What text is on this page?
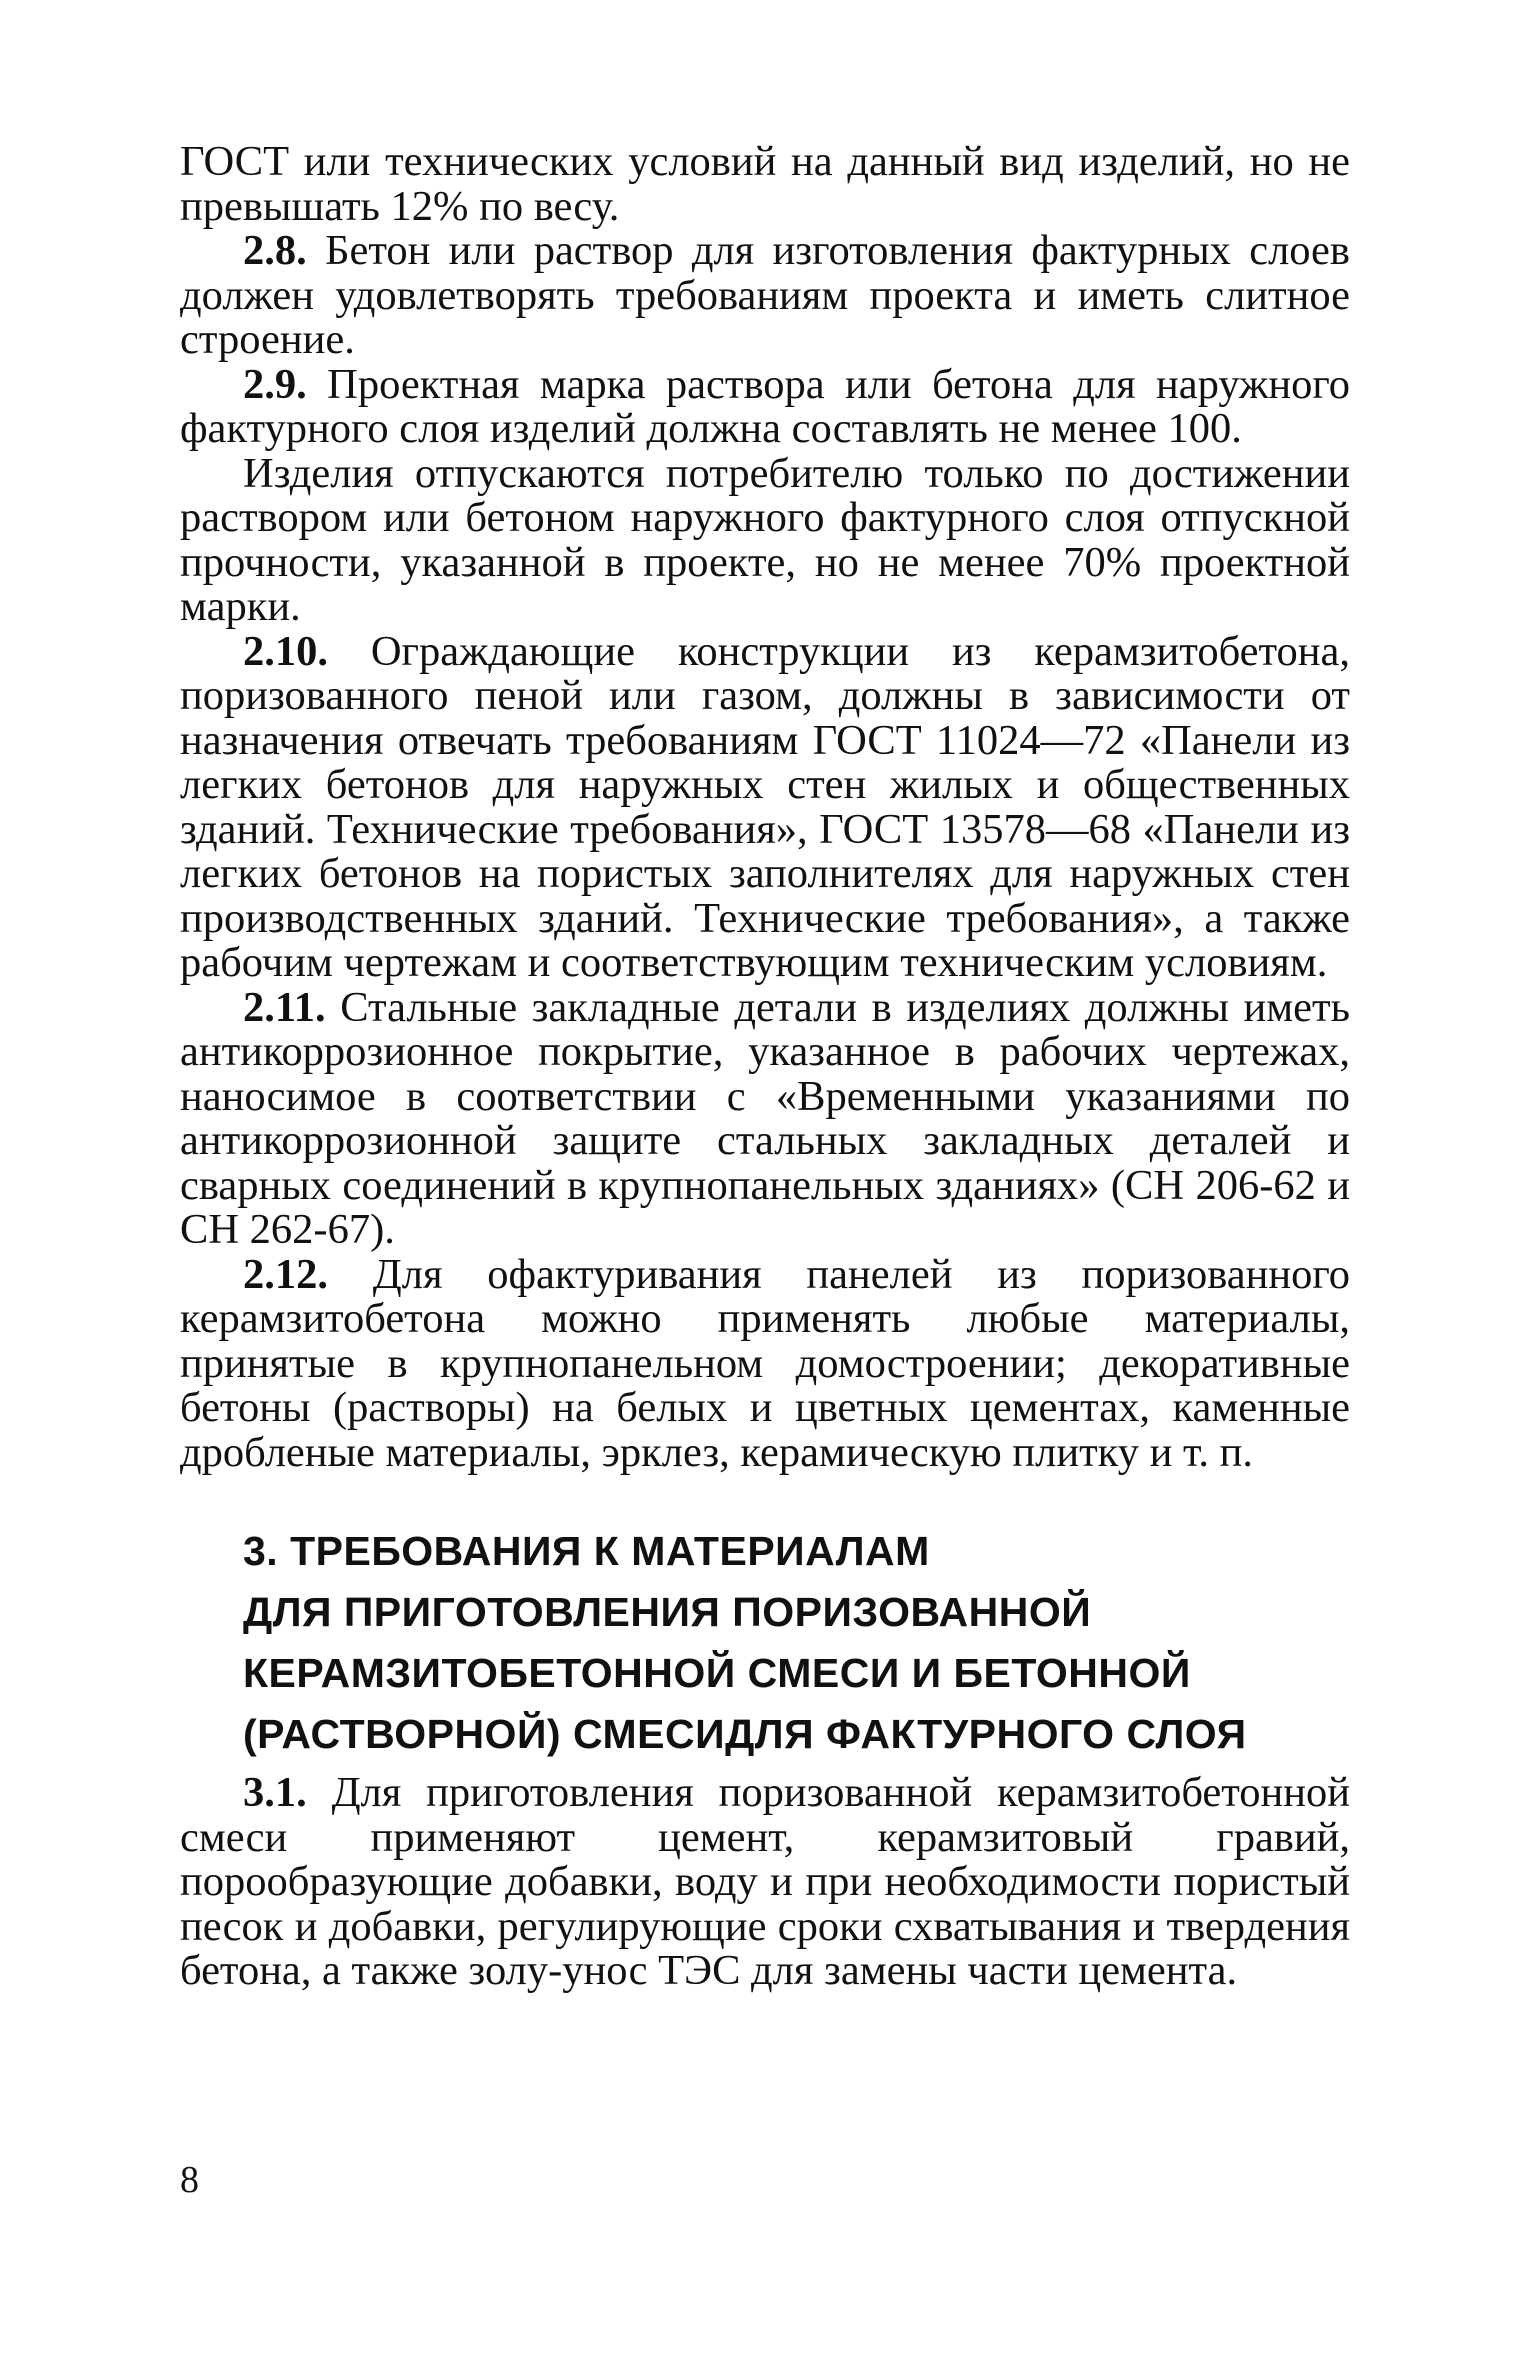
ГОСТ или технических условий на данный вид изделий, но не превышать 12% по весу.

2.8. Бетон или раствор для изготовления фактурных слоев должен удовлетворять требованиям проекта и иметь слитное строение.

2.9. Проектная марка раствора или бетона для наружного фактурного слоя изделий должна составлять не менее 100.

Изделия отпускаются потребителю только по достижении раствором или бетоном наружного фактурного слоя отпускной прочности, указанной в проекте, но не менее 70% проектной марки.

2.10. Ограждающие конструкции из керамзитобетона, поризованного пеной или газом, должны в зависимости от назначения отвечать требованиям ГОСТ 11024—72 «Панели из легких бетонов для наружных стен жилых и общественных зданий. Технические требования», ГОСТ 13578—68 «Панели из легких бетонов на пористых заполнителях для наружных стен производственных зданий. Технические требования», а также рабочим чертежам и соответствующим техническим условиям.

2.11. Стальные закладные детали в изделиях должны иметь антикоррозионное покрытие, указанное в рабочих чертежах, наносимое в соответствии с «Временными указаниями по антикоррозионной защите стальных закладных деталей и сварных соединений в крупнопанельных зданиях» (СН 206-62 и СН 262-67).

2.12. Для офактуривания панелей из поризованного керамзитобетона можно применять любые материалы, принятые в крупнопанельном домостроении; декоративные бетоны (растворы) на белых и цветных цементах, каменные дробленые материалы, эрклез, керамическую плитку и т. п.

3. ТРЕБОВАНИЯ К МАТЕРИАЛАМ
ДЛЯ ПРИГОТОВЛЕНИЯ ПОРИЗОВАННОЙ
КЕРАМЗИТОБЕТОННОЙ СМЕСИ И БЕТОННОЙ
(РАСТВОРНОЙ) СМЕСИДЛЯ ФАКТУРНОГО СЛОЯ

3.1. Для приготовления поризованной керамзитобетонной смеси применяют цемент, керамзитовый гравий, порообразующие добавки, воду и при необходимости пористый песок и добавки, регулирующие сроки схватывания и твердения бетона, а также золу-унос ТЭС для замены части цемента.

8
